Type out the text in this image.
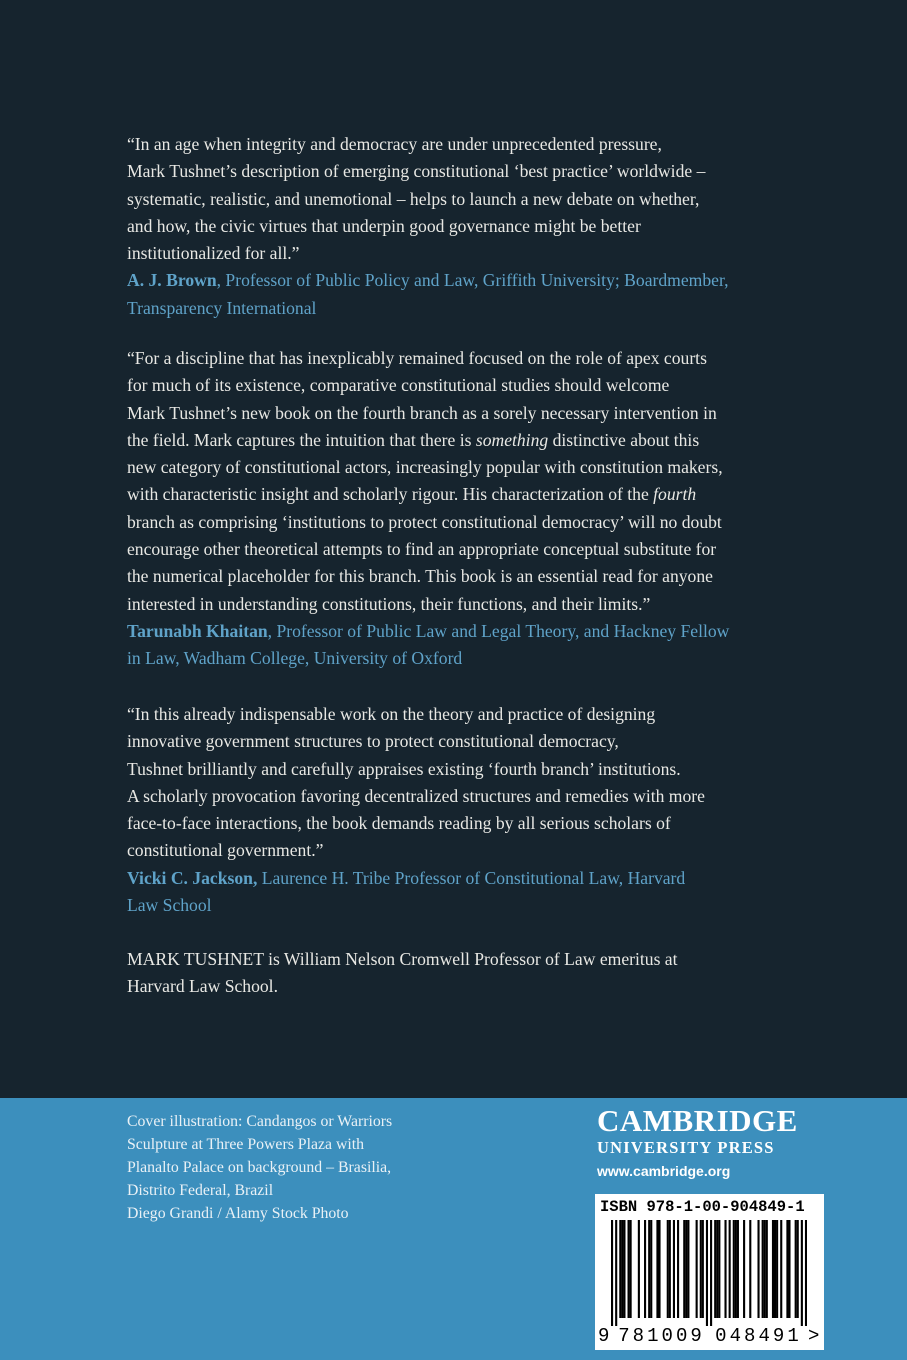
“In an age when integrity and democracy are under unprecedented pressure,

Mark Tushnet’s description of emerging constitutional ‘best practice’ worldwide –

systematic, realistic, and unemotional – helps to launch a new debate on whether,

and how, the civic virtues that underpin good governance might be better

institutionalized for all.”

A. J. Brown, Professor of Public Policy and Law, Griffith University; Boardmember,

Transparency International

“For a discipline that has inexplicably remained focused on the role of apex courts

for much of its existence, comparative constitutional studies should welcome

Mark Tushnet’s new book on the fourth branch as a sorely necessary intervention in

the field. Mark captures the intuition that there is something distinctive about this

new category of constitutional actors, increasingly popular with constitution makers,

with characteristic insight and scholarly rigour. His characterization of the fourth

branch as comprising ‘institutions to protect constitutional democracy’ will no doubt

encourage other theoretical attempts to find an appropriate conceptual substitute for

the numerical placeholder for this branch. This book is an essential read for anyone

interested in understanding constitutions, their functions, and their limits.”

Tarunabh Khaitan, Professor of Public Law and Legal Theory, and Hackney Fellow

in Law, Wadham College, University of Oxford

“In this already indispensable work on the theory and practice of designing

innovative government structures to protect constitutional democracy,

Tushnet brilliantly and carefully appraises existing ‘fourth branch’ institutions.

A scholarly provocation favoring decentralized structures and remedies with more

face-to-face interactions, the book demands reading by all serious scholars of

constitutional government.”

Vicki C. Jackson, Laurence H. Tribe Professor of Constitutional Law, Harvard

Law School

MARK TUSHNET is William Nelson Cromwell Professor of Law emeritus at

Harvard Law School.

Cover illustration: Candangos or Warriors
Sculpture at Three Powers Plaza with
Planalto Palace on background – Brasilia,
Distrito Federal, Brazil
Diego Grandi / Alamy Stock Photo
CAMBRIDGE
UNIVERSITY PRESS
www.cambridge.org
ISBN 978-1-00-904849-1
9 7 8 1 0 0 9 0 4 8 4 9 1 >
